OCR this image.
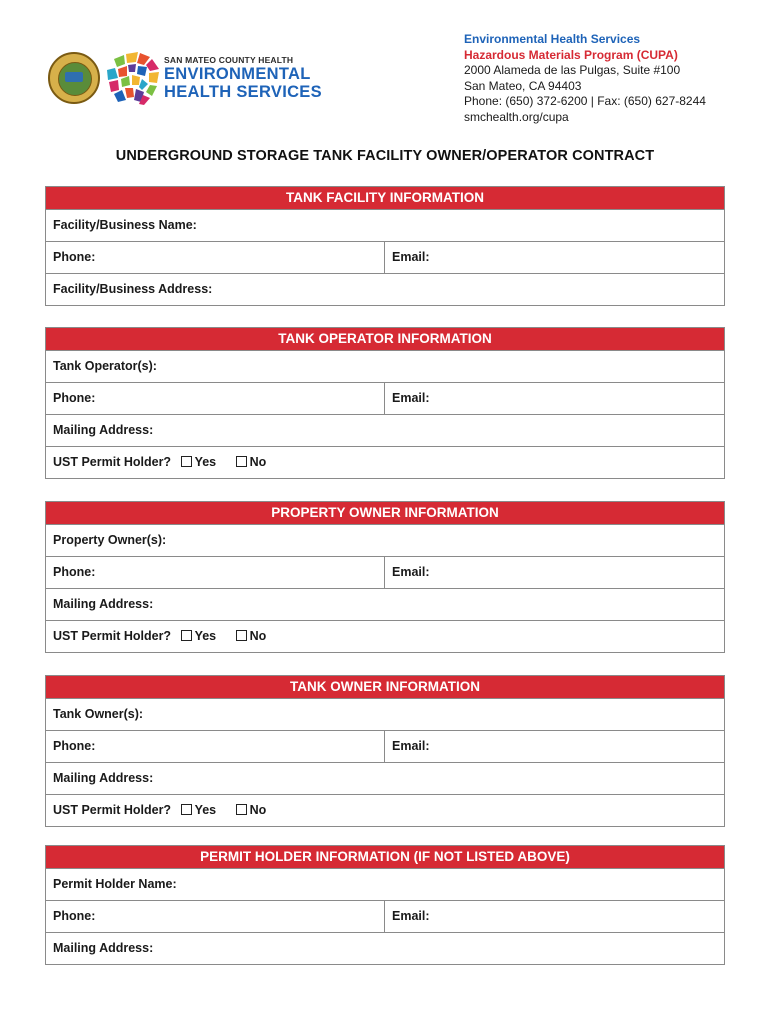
SAN MATEO COUNTY HEALTH
ENVIRONMENTAL
HEALTH SERVICES
Environmental Health Services
Hazardous Materials Program (CUPA)
2000 Alameda de las Pulgas, Suite #100
San Mateo, CA 94403
Phone: (650) 372-6200 | Fax: (650) 627-8244
smchealth.org/cupa
UNDERGROUND STORAGE TANK FACILITY OWNER/OPERATOR CONTRACT
TANK FACILITY INFORMATION
Facility/Business Name:
Phone:	Email:
Facility/Business Address:
TANK OPERATOR INFORMATION
Tank Operator(s):
Phone:	Email:
Mailing Address:
UST Permit Holder? Yes	No
PROPERTY OWNER INFORMATION
Property Owner(s):
Phone:	Email:
Mailing Address:
UST Permit Holder? Yes	No
TANK OWNER INFORMATION
Tank Owner(s):
Phone:	Email:
Mailing Address:
UST Permit Holder? Yes	No
PERMIT HOLDER INFORMATION (IF NOT LISTED ABOVE)
Permit Holder Name:
Phone:	Email:
Mailing Address:
